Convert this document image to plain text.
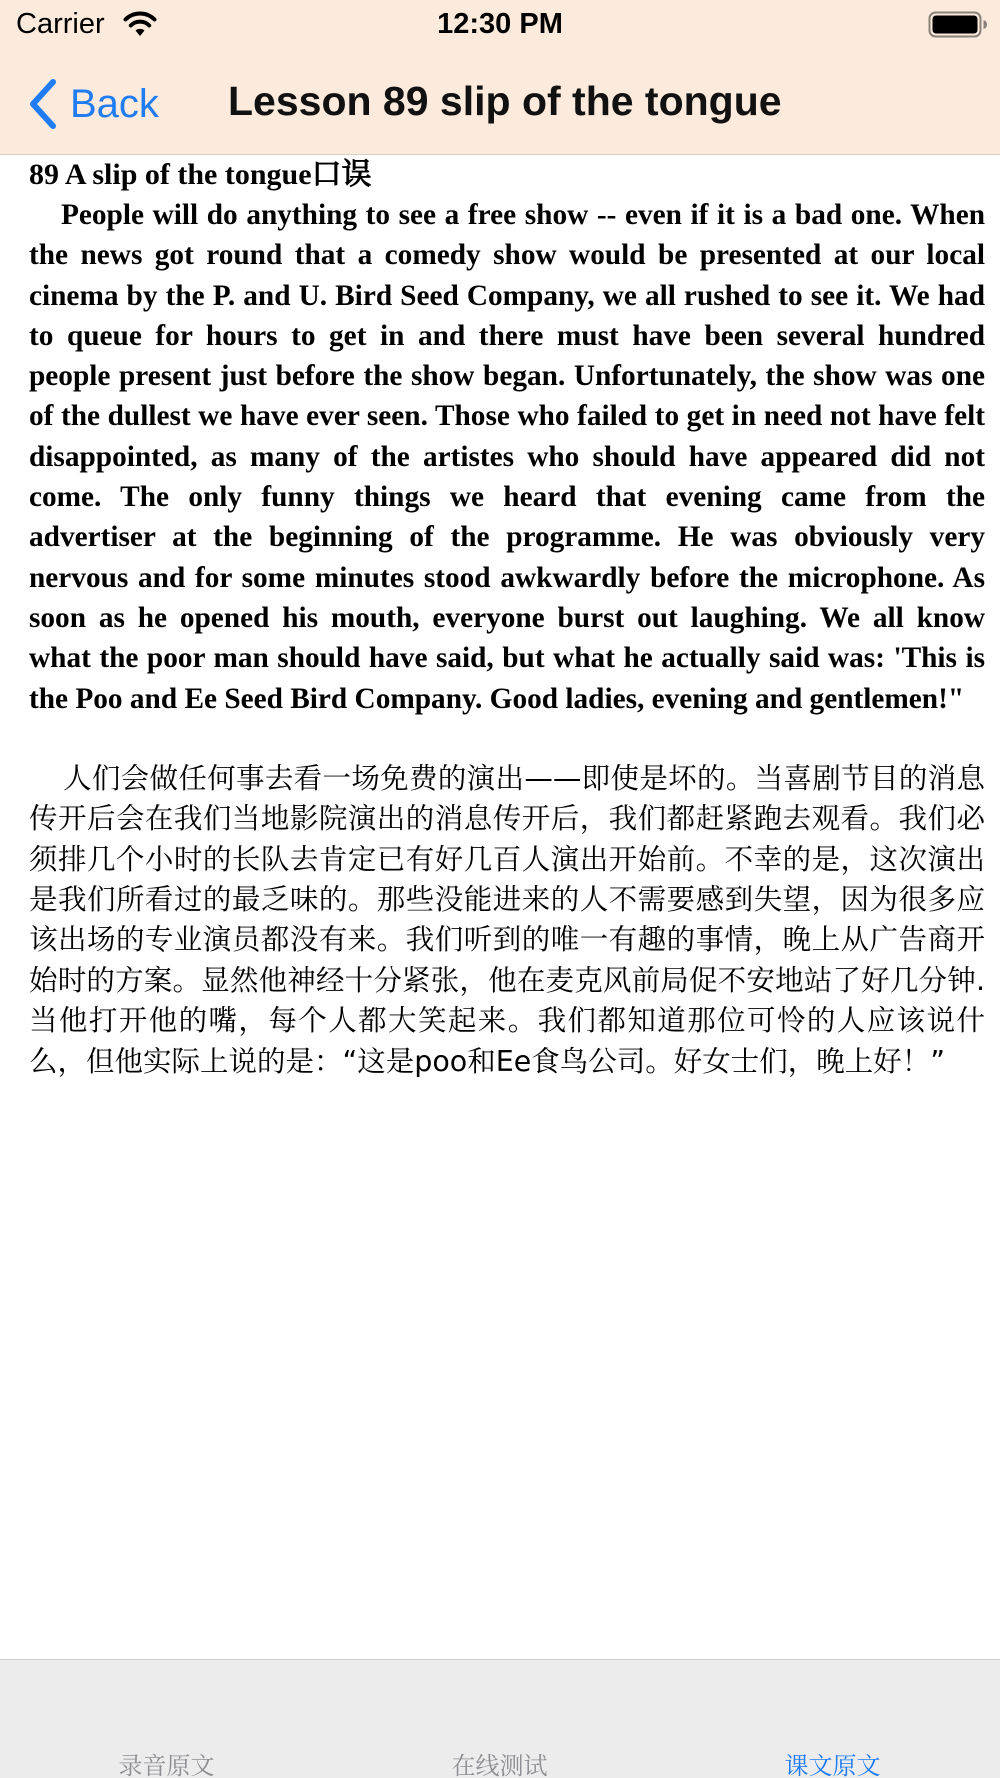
Carrier	12:30 PM
Back Lesson 89 slip of the tongue
89 A slip of the tongue口误

People will do anything to see a free show -- even if it is a bad one. When the news got round that a comedy show would be presented at our local cinema by the P. and U. Bird Seed Company, we all rushed to see it. We had to queue for hours to get in and there must have been several hundred people present just before the show began. Unfortunately, the show was one of the dullest we have ever seen. Those who failed to get in need not have felt disappointed, as many of the artistes who should have appeared did not come. The only funny things we heard that evening came from the advertiser at the beginning of the programme. He was obviously very nervous and for some minutes stood awkwardly before the microphone. As soon as he opened his mouth, everyone burst out laughing. We all know what the poor man should have said, but what he actually said was: 'This is the Poo and Ee Seed Bird Company. Good ladies, evening and gentlemen!"

人们会做任何事去看一场免费的演出——即使是坏的。当喜剧节目的消息传开后会在我们当地影院演出的消息传开后，我们都赶紧跑去观看。我们必须排几个小时的长队去肯定已有好几百人演出开始前。不幸的是，这次演出是我们所看过的最乏味的。那些没能进来的人不需要感到失望，因为很多应该出场的专业演员都没有来。我们听到的唯一有趣的事情，晚上从广告商开始时的方案。显然他神经十分紧张，他在麦克风前局促不安地站了好几分钟.当他打开他的嘴，每个人都大笑起来。我们都知道那位可怜的人应该说什么，但他实际上说的是：“这是poo和Ee食鸟公司。好女士们，晚上好！”

录音原文	在线测试	课文原文
